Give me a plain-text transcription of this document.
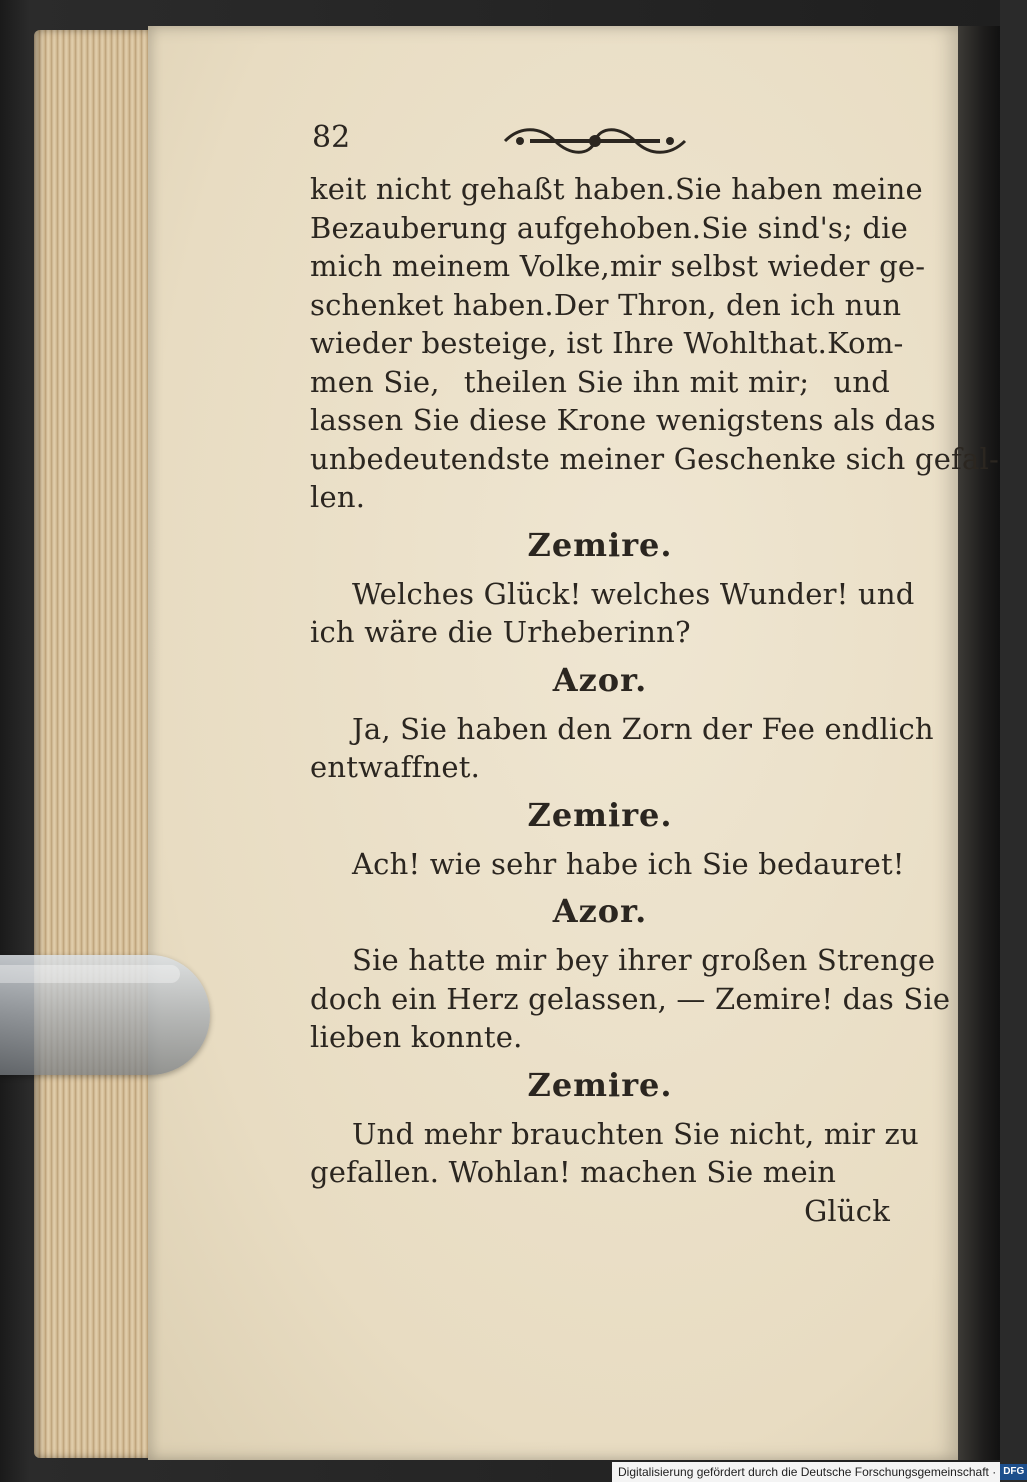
82
keit nicht gehaßt haben. Sie haben meine
Bezauberung aufgehoben. Sie sind's; die
mich meinem Volke, mir selbst wieder ge-
schenket haben. Der Thron, den ich nun
wieder besteige, ist Ihre Wohlthat. Kom-
men Sie, theilen Sie ihn mit mir; und
lassen Sie diese Krone wenigstens als das
unbedeutendste meiner Geschenke sich gefal-
len.
Zemire.
Welches Glück! welches Wunder! und
ich wäre die Urheberinn?
Azor.
Ja, Sie haben den Zorn der Fee endlich
entwaffnet.
Zemire.
Ach! wie sehr habe ich Sie bedauret!
Azor.
Sie hatte mir bey ihrer großen Strenge
doch ein Herz gelassen, — Zemire! das Sie
lieben konnte.
Zemire.
Und mehr brauchten Sie nicht, mir zu
gefallen. Wohlan! machen Sie mein
Glück
Digitalisierung gefördert durch die Deutsche Forschungsgemeinschaft · DFG
